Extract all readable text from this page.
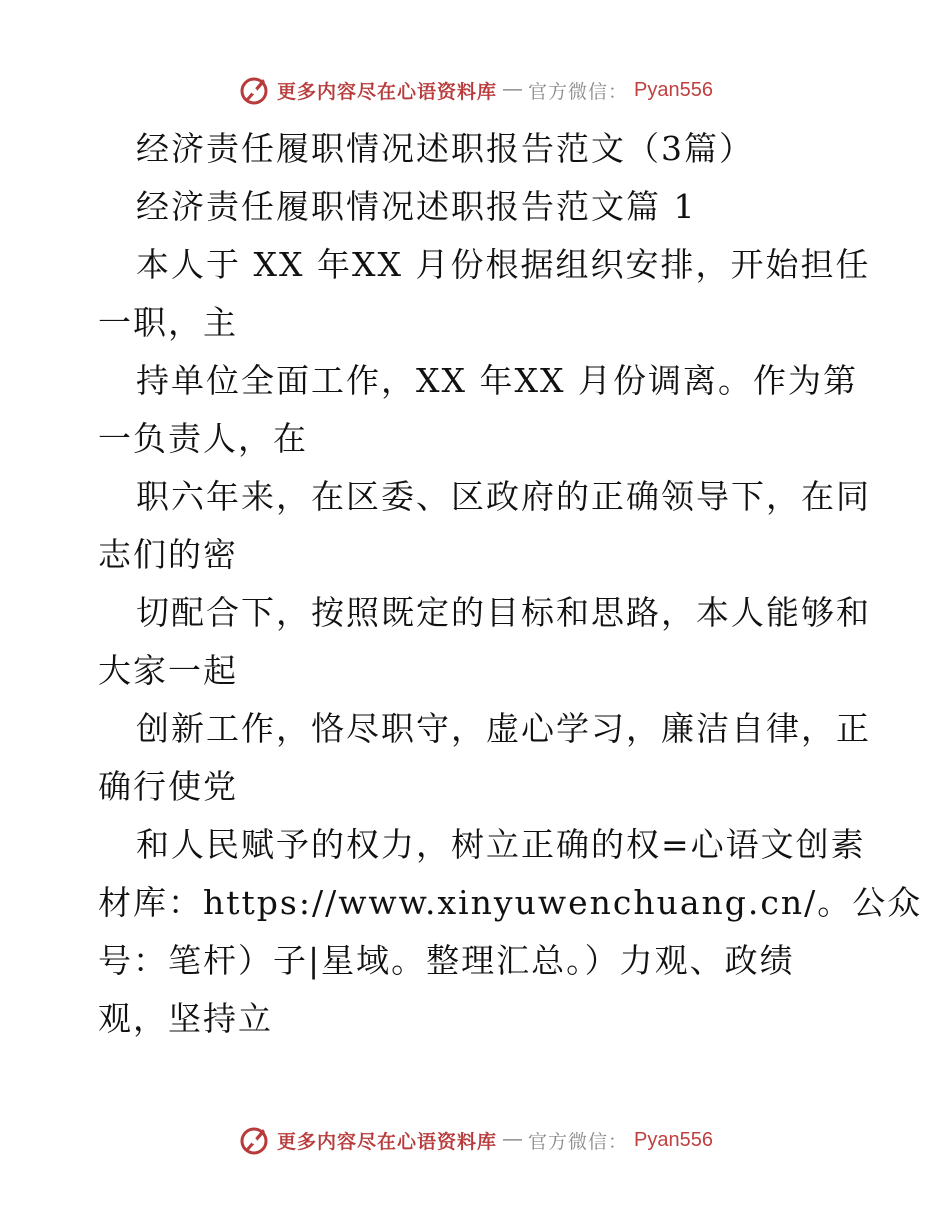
更多内容尽在心语资料库 — 官方微信： Pyan556
经济责任履职情况述职报告范文（3篇）
经济责任履职情况述职报告范文篇 1
本人于 XX 年XX 月份根据组织安排，开始担任
一职，主
持单位全面工作，XX 年XX 月份调离。作为第
一负责人，在
职六年来，在区委、区政府的正确领导下，在同
志们的密
切配合下，按照既定的目标和思路，本人能够和
大家一起
创新工作，恪尽职守，虚心学习，廉洁自律，正
确行使党
和人民赋予的权力，树立正确的权=心语文创素
材库：https://www.xinyuwenchuang.cn/。公众
号：笔杆）子|星域。整理汇总。）力观、政绩
观，坚持立
更多内容尽在心语资料库 — 官方微信： Pyan556
